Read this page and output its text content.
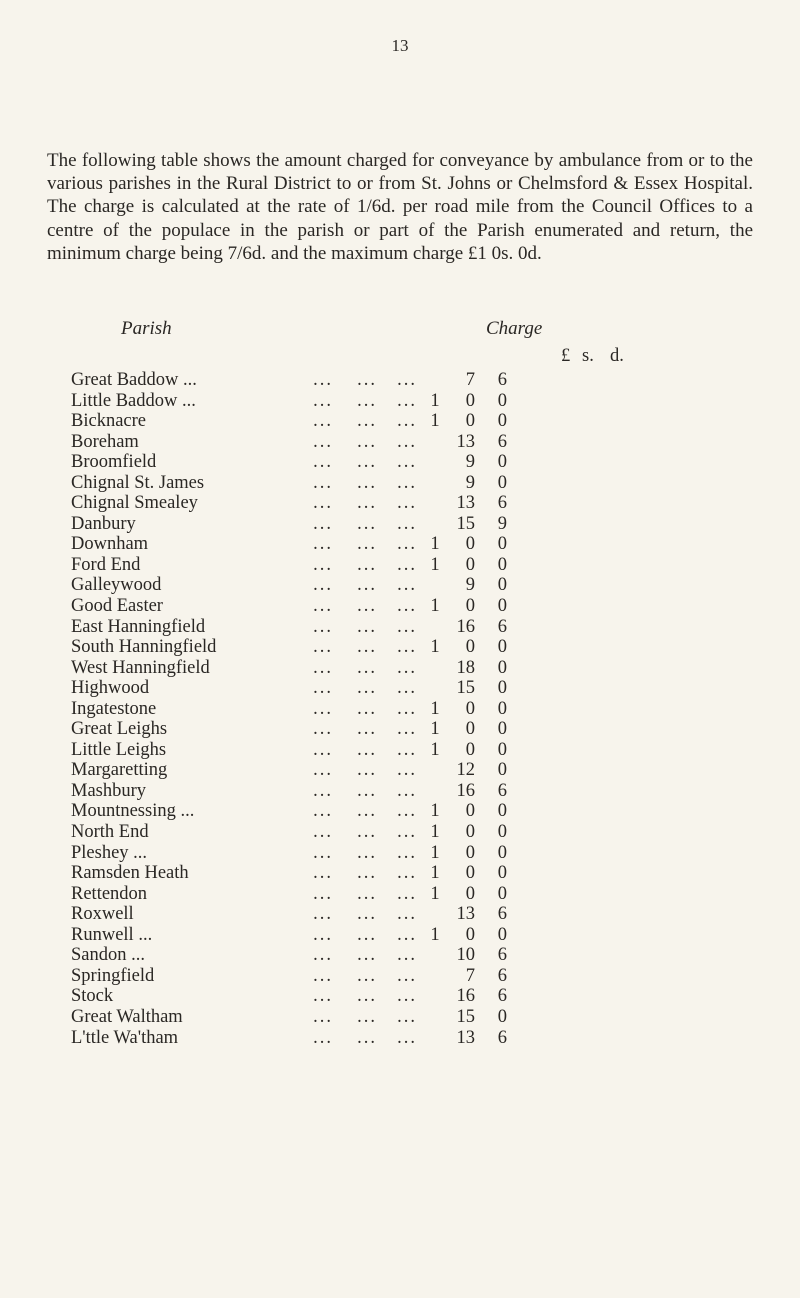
13

The following table shows the amount charged for conveyance by ambulance from or to the various parishes in the Rural District to or from St. Johns or Chelmsford & Essex Hospital. The charge is calculated at the rate of 1/6d. per road mile from the Council Offices to a centre of the populace in the parish or part of the Parish enumerated and return, the minimum charge being 7/6d. and the maximum charge £1 0s. 0d.

Parish	Charge
£ s. d.
Great Baddow ...	...	...	...		7	6
Little Baddow ...	...	...	...	1	0	0
Bicknacre	...	...	...	1	0	0
Boreham	...	...	...		13	6
Broomfield	...	...	...		9	0
Chignal St. James	...	...	...		9	0
Chignal Smealey	...	...	...		13	6
Danbury	...	...	...		15	9
Downham	...	...	...	1	0	0
Ford End	...	...	...	1	0	0
Galleywood	...	...	...		9	0
Good Easter	...	...	...	1	0	0
East Hanningfield	...	...	...		16	6
South Hanningfield	...	...	...	1	0	0
West Hanningfield	...	...	...		18	0
Highwood	...	...	...		15	0
Ingatestone	...	...	...	1	0	0
Great Leighs	...	...	...	1	0	0
Little Leighs	...	...	...	1	0	0
Margaretting	...	...	...		12	0
Mashbury	...	...	...		16	6
Mountnessing ...	...	...	...	1	0	0
North End	...	...	...	1	0	0
Pleshey ...	...	...	...	1	0	0
Ramsden Heath	...	...	...	1	0	0
Rettendon	...	...	...	1	0	0
Roxwell	...	...	...		13	6
Runwell ...	...	...	...	1	0	0
Sandon ...	...	...	...		10	6
Springfield	...	...	...		7	6
Stock	...	...	...		16	6
Great Waltham	...	...	...		15	0
L'ttle Wa'tham	...	...	...		13	6
